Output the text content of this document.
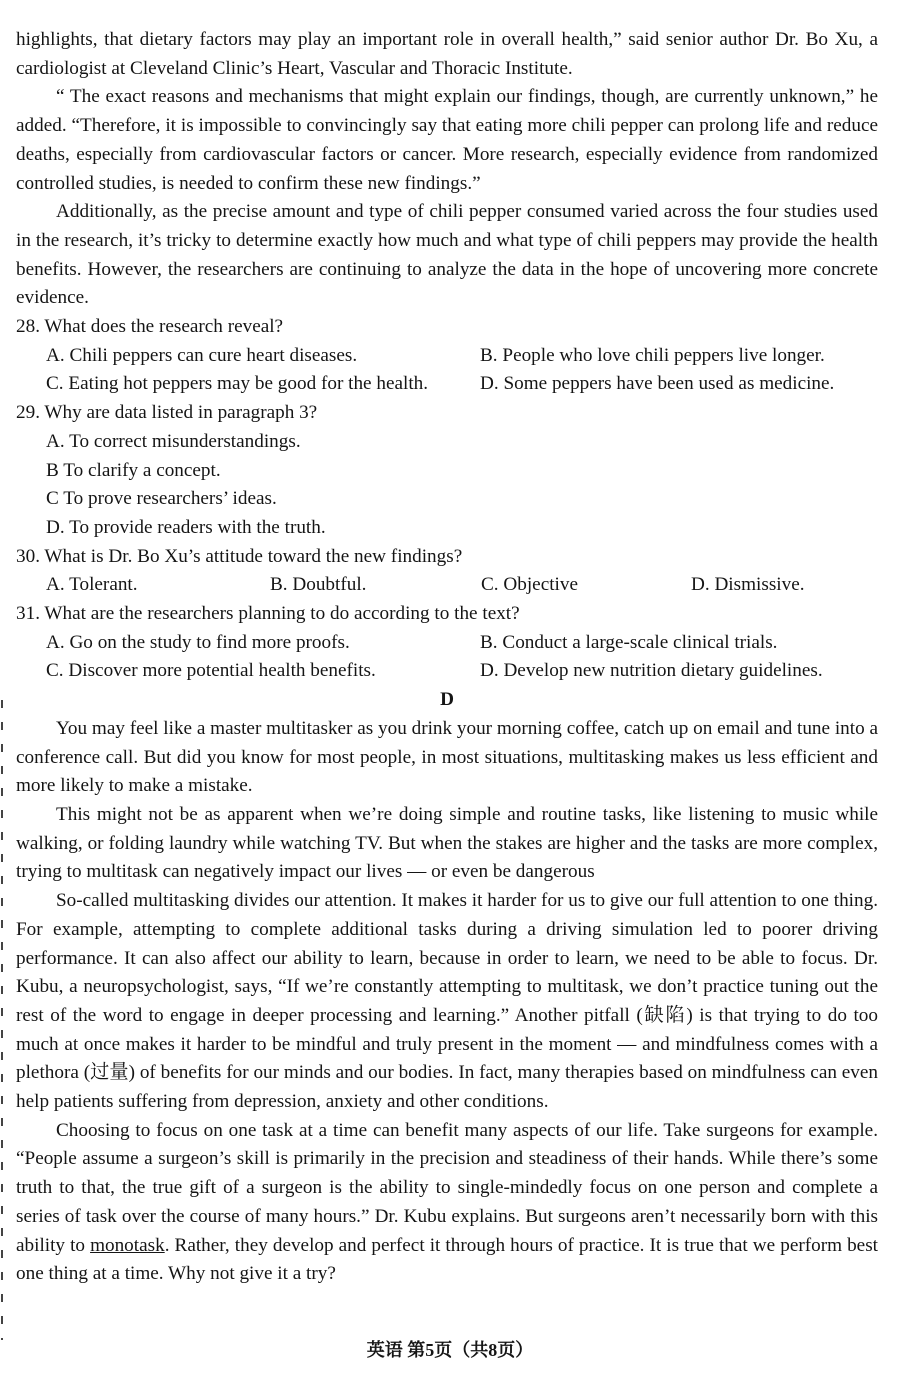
highlights, that dietary factors may play an important role in overall health,” said senior author Dr. Bo Xu, a cardiologist at Cleveland Clinic’s Heart, Vascular and Thoracic Institute.

“ The exact reasons and mechanisms that might explain our findings, though, are currently unknown,” he added. “Therefore, it is impossible to convincingly say that eating more chili pepper can prolong life and reduce deaths, especially from cardiovascular factors or cancer. More research, especially evidence from randomized controlled studies, is needed to confirm these new findings.”

Additionally, as the precise amount and type of chili pepper consumed varied across the four studies used in the research, it’s tricky to determine exactly how much and what type of chili peppers may provide the health benefits. However, the researchers are continuing to analyze the data in the hope of uncovering more concrete evidence.

28. What does the research reveal?
A. Chili peppers can cure heart diseases.	B. People who love chili peppers live longer.
C. Eating hot peppers may be good for the health.	D. Some peppers have been used as medicine.
29. Why are data listed in paragraph 3?
A. To correct misunderstandings.
B To clarify a concept.
C To prove researchers’ ideas.
D. To provide readers with the truth.
30. What is Dr. Bo Xu’s attitude toward the new findings?
A. Tolerant.	B. Doubtful.	C. Objective	D. Dismissive.
31. What are the researchers planning to do according to the text?
A. Go on the study to find more proofs.	B. Conduct a large-scale clinical trials.
C. Discover more potential health benefits.	D. Develop new nutrition dietary guidelines.
D

You may feel like a master multitasker as you drink your morning coffee, catch up on email and tune into a conference call. But did you know for most people, in most situations, multitasking makes us less efficient and more likely to make a mistake.

This might not be as apparent when we’re doing simple and routine tasks, like listening to music while walking, or folding laundry while watching TV. But when the stakes are higher and the tasks are more complex, trying to multitask can negatively impact our lives — or even be dangerous

So-called multitasking divides our attention. It makes it harder for us to give our full attention to one thing. For example, attempting to complete additional tasks during a driving simulation led to poorer driving performance. It can also affect our ability to learn, because in order to learn, we need to be able to focus. Dr. Kubu, a neuropsychologist, says, “If we’re constantly attempting to multitask, we don’t practice tuning out the rest of the word to engage in deeper processing and learning.” Another pitfall (缺陷) is that trying to do too much at once makes it harder to be mindful and truly present in the moment — and mindfulness comes with a plethora (过量) of benefits for our minds and our bodies. In fact, many therapies based on mindfulness can even help patients suffering from depression, anxiety and other conditions.

Choosing to focus on one task at a time can benefit many aspects of our life. Take surgeons for example. “People assume a surgeon’s skill is primarily in the precision and steadiness of their hands. While there’s some truth to that, the true gift of a surgeon is the ability to single-mindedly focus on one person and complete a series of task over the course of many hours.” Dr. Kubu explains. But surgeons aren’t necessarily born with this ability to monotask. Rather, they develop and perfect it through hours of practice. It is true that we perform best one thing at a time. Why not give it a try?

英语 第5页（共8页）
